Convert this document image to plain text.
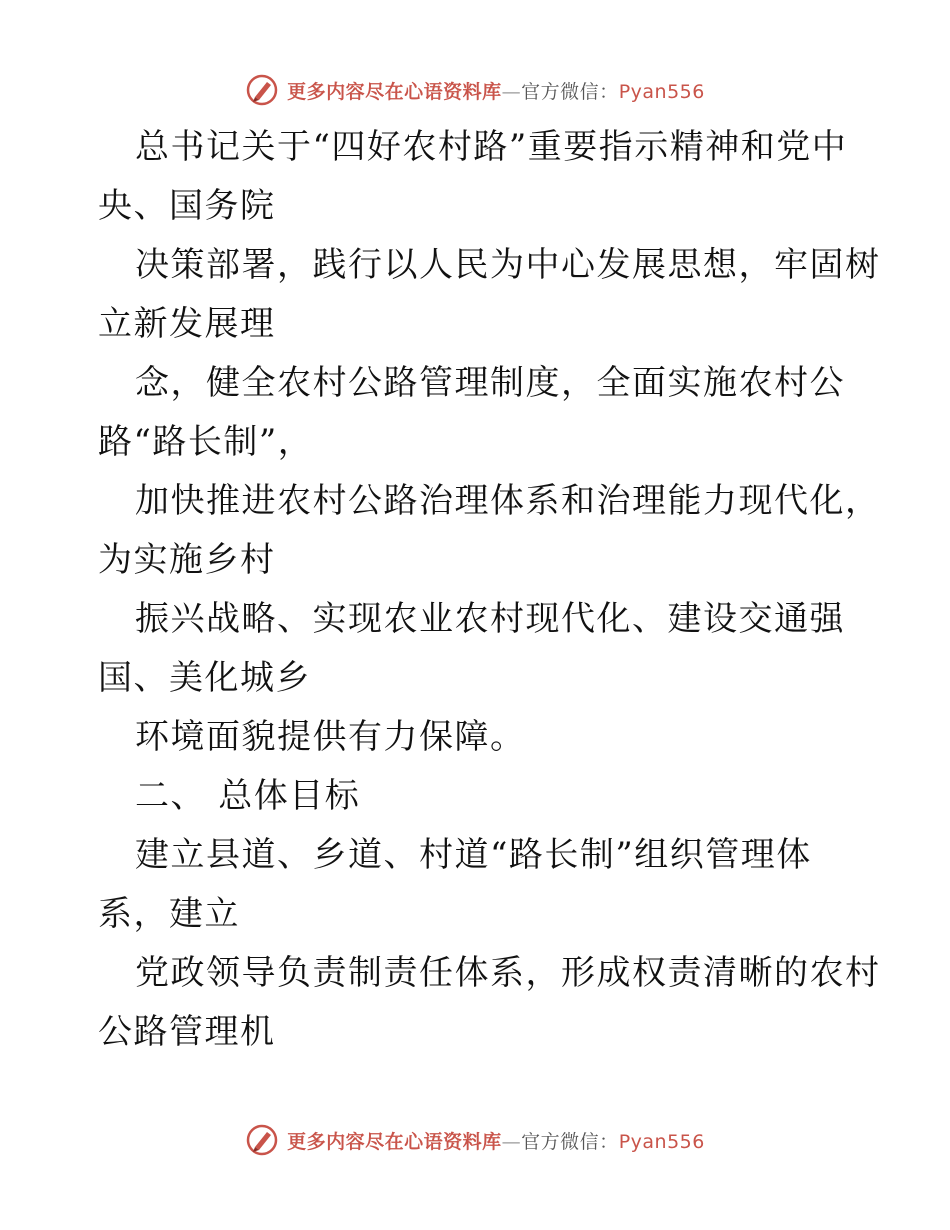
更多内容尽在心语资料库—官方微信：Pyan556
总书记关于“四好农村路”重要指示精神和党中
央、国务院
决策部署，践行以人民为中心发展思想，牢固树
立新发展理
念，健全农村公路管理制度，全面实施农村公
路“路长制”，
加快推进农村公路治理体系和治理能力现代化，
为实施乡村
振兴战略、实现农业农村现代化、建设交通强
国、美化城乡
环境面貌提供有力保障。
二、 总体目标
建立县道、乡道、村道“路长制”组织管理体
系，建立
党政领导负责制责任体系，形成权责清晰的农村
公路管理机
更多内容尽在心语资料库—官方微信：Pyan556
